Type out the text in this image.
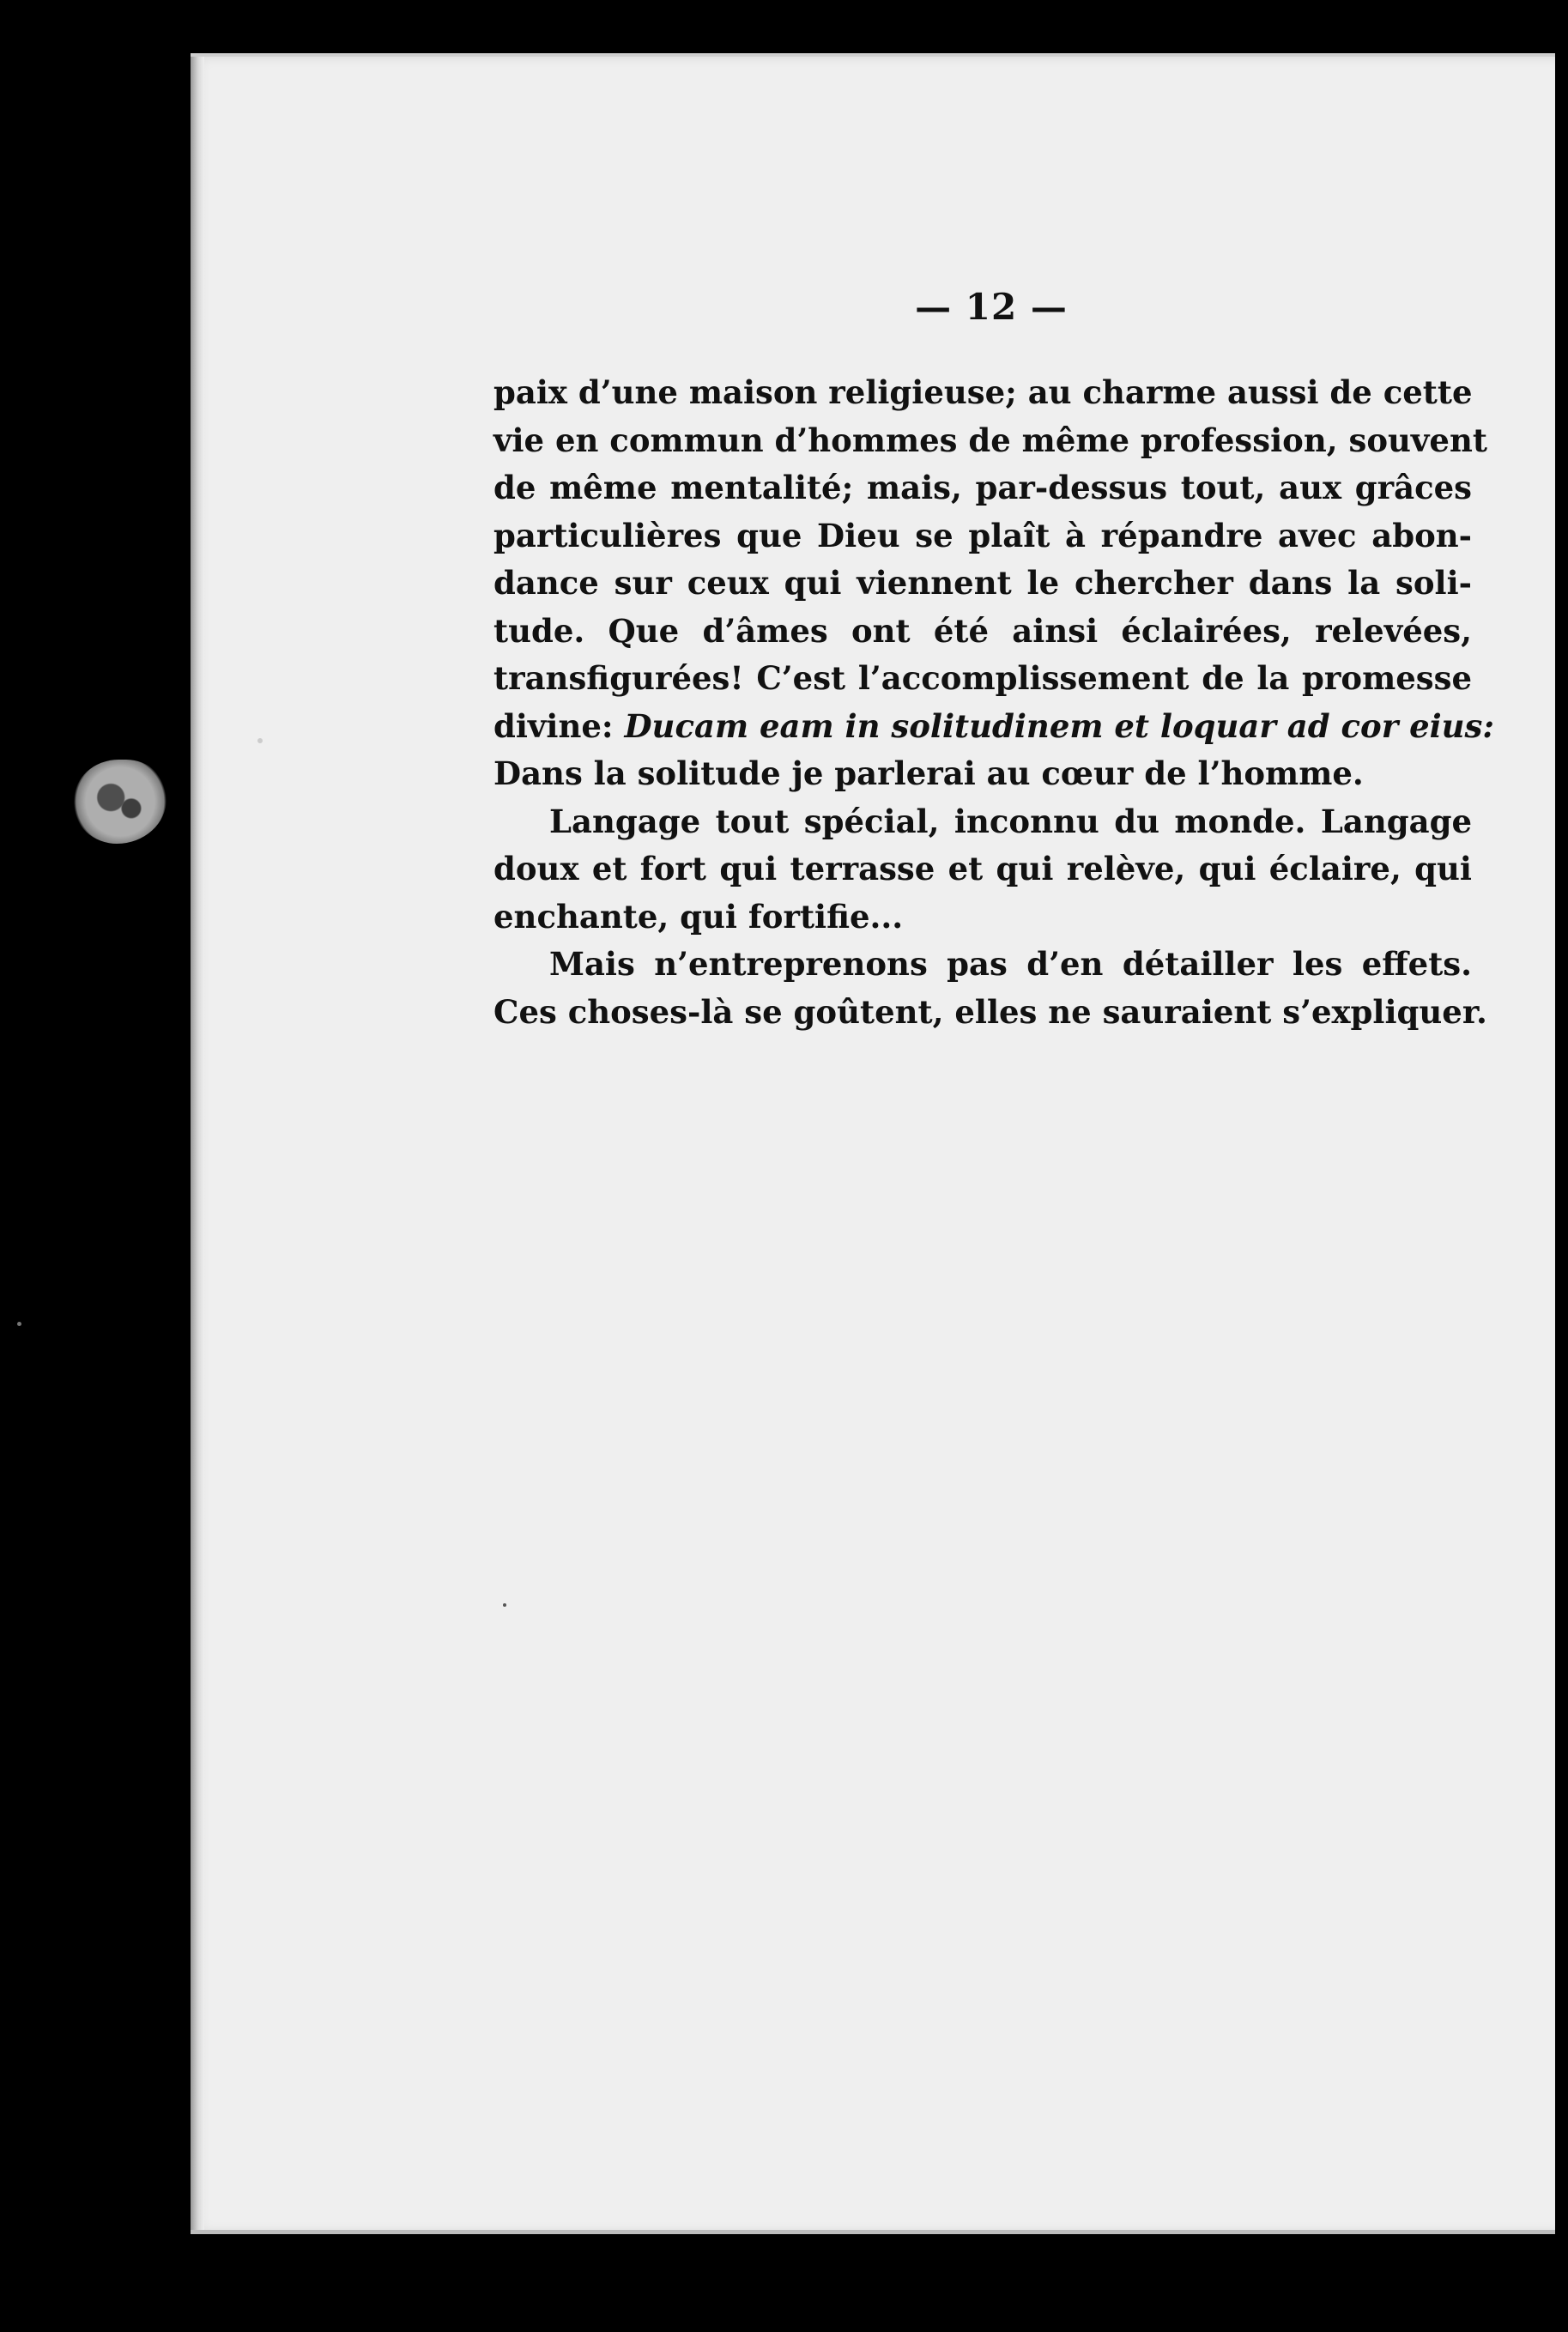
— 12 —
paix d’une maison religieuse; au charme aussi de cette
vie en commun d’hommes de même profession, souvent
de même mentalité; mais, par-dessus tout, aux grâces
particulières que Dieu se plaît à répandre avec abon-
dance sur ceux qui viennent le chercher dans la soli-
tude. Que d’âmes ont été ainsi éclairées, relevées,
transfigurées! C’est l’accomplissement de la promesse
divine: Ducam eam in solitudinem et loquar ad cor eius:
Dans la solitude je parlerai au cœur de l’homme.
Langage tout spécial, inconnu du monde. Langage
doux et fort qui terrasse et qui relève, qui éclaire, qui
enchante, qui fortifie...
Mais n’entreprenons pas d’en détailler les effets.
Ces choses-là se goûtent, elles ne sauraient s’expliquer.
